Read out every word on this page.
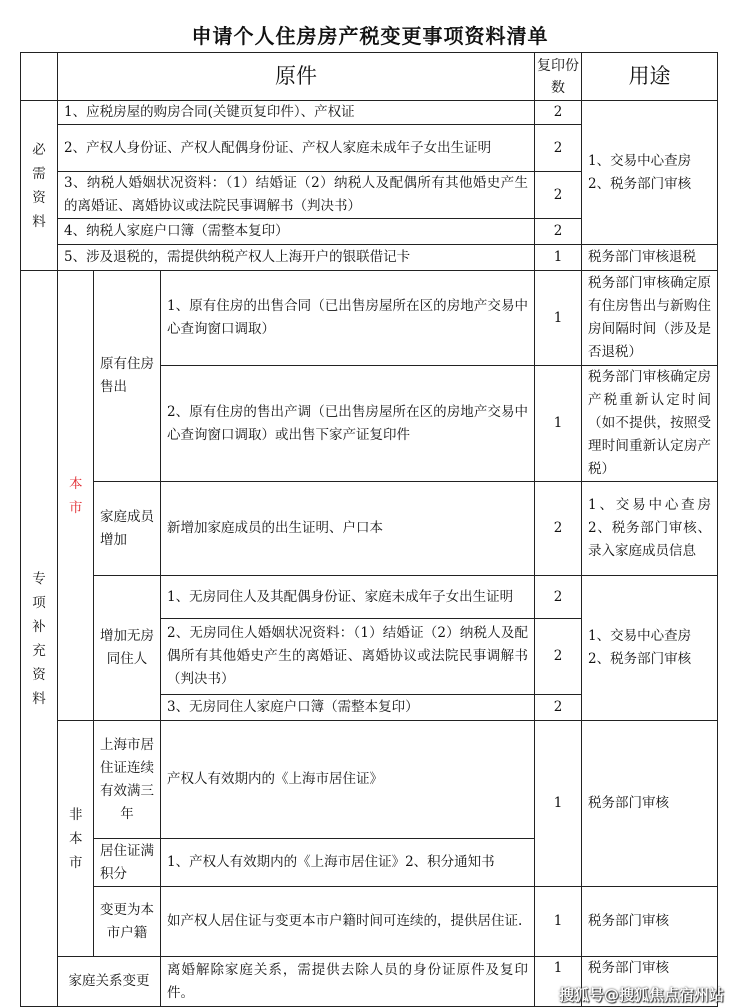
申请个人住房房产税变更事项资料清单
	原件			复印份数	用途
必需资料	1、应税房屋的购房合同(关键页复印件）、产权证			2	1、交易中心查房 2、税务部门审核
	2、产权人身份证、产权人配偶身份证、产权人家庭未成年子女出生证明			2	
	3、纳税人婚姻状况资料：（1）结婚证（2）纳税人及配偶所有其他婚史产生的离婚证、离婚协议或法院民事调解书（判决书）			2	
	4、纳税人家庭户口簿（需整本复印）			2	
	5、涉及退税的，需提供纳税产权人上海开户的银联借记卡			1	税务部门审核退税
专项补充资料	本市	原有住房售出	1、原有住房的出售合同（已出售房屋所在区的房地产交易中心查询窗口调取）	1	税务部门审核确定原有住房售出与新购住房间隔时间（涉及是否退税）
			2、原有住房的售出产调（已出售房屋所在区的房地产交易中心查询窗口调取）或出售下家产证复印件	1	税务部门审核确定房产税重新认定时间（如不提供，按照受理时间重新认定房产税）
		家庭成员增加	新增加家庭成员的出生证明、户口本	2	1、交易中心查房 2、税务部门审核、录入家庭成员信息
		增加无房同住人	1、无房同住人及其配偶身份证、家庭未成年子女出生证明	2	1、交易中心查房 2、税务部门审核
			2、无房同住人婚姻状况资料：（1）结婚证（2）纳税人及配偶所有其他婚史产生的离婚证、离婚协议或法院民事调解书（判决书）	2	
			3、无房同住人家庭户口簿（需整本复印）	2	
	非本市	上海市居住证连续有效满三年	产权人有效期内的《上海市居住证》	1	税务部门审核
		居住证满积分	1、产权人有效期内的《上海市居住证》2、积分通知书		
		变更为本市户籍	如产权人居住证与变更本市户籍时间可连续的，提供居住证.	1	税务部门审核
	家庭关系变更		离婚解除家庭关系，需提供去除人员的身份证原件及复印件。	1	税务部门审核
搜狐号@搜狐焦点宿州站
